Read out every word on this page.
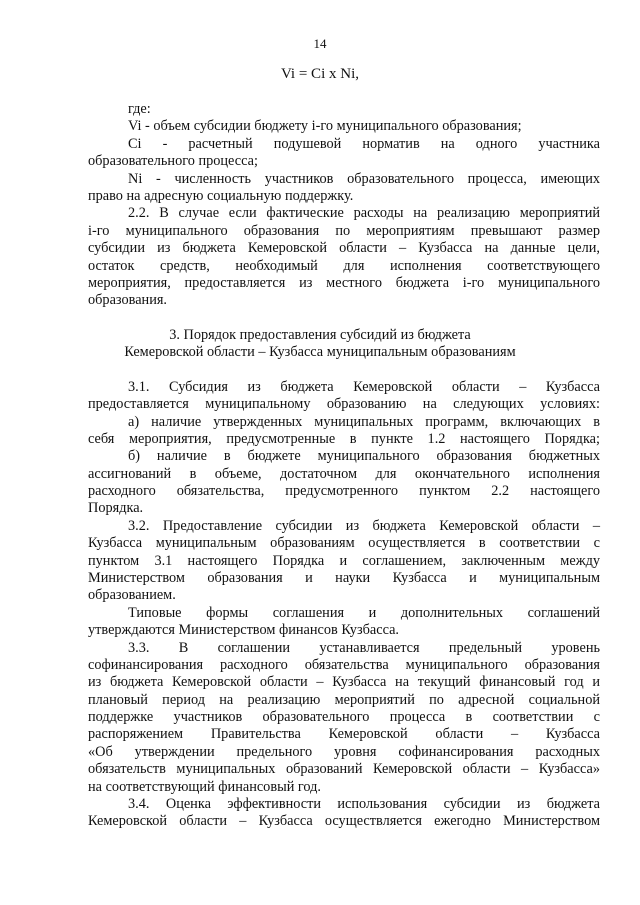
14
Vi = Ci x Ni,
где:
Vi - объем субсидии бюджету i-го муниципального образования;
Ci - расчетный подушевой норматив на одного участника
образовательного процесса;
Ni - численность участников образовательного процесса, имеющих
право на адресную социальную поддержку.
2.2. В случае если фактические расходы на реализацию мероприятий
i-го муниципального образования по мероприятиям превышают размер
субсидии из бюджета Кемеровской области – Кузбасса на данные цели,
остаток средств, необходимый для исполнения соответствующего
мероприятия, предоставляется из местного бюджета i-го муниципального
образования.
3. Порядок предоставления субсидий из бюджета
Кемеровской области – Кузбасса муниципальным образованиям
3.1. Субсидия из бюджета Кемеровской области – Кузбасса
предоставляется муниципальному образованию на следующих условиях:
а) наличие утвержденных муниципальных программ, включающих в
себя мероприятия, предусмотренные в пункте 1.2 настоящего Порядка;
б) наличие в бюджете муниципального образования бюджетных
ассигнований в объеме, достаточном для окончательного исполнения
расходного обязательства, предусмотренного пунктом 2.2 настоящего
Порядка.
3.2. Предоставление субсидии из бюджета Кемеровской области –
Кузбасса муниципальным образованиям осуществляется в соответствии с
пунктом 3.1 настоящего Порядка и соглашением, заключенным между
Министерством образования и науки Кузбасса и муниципальным
образованием.
Типовые формы соглашения и дополнительных соглашений
утверждаются Министерством финансов Кузбасса.
3.3. В соглашении устанавливается предельный уровень
софинансирования расходного обязательства муниципального образования
из бюджета Кемеровской области – Кузбасса на текущий финансовый год и
плановый период на реализацию мероприятий по адресной социальной
поддержке участников образовательного процесса в соответствии с
распоряжением Правительства Кемеровской области – Кузбасса
«Об утверждении предельного уровня софинансирования расходных
обязательств муниципальных образований Кемеровской области – Кузбасса»
на соответствующий финансовый год.
3.4. Оценка эффективности использования субсидии из бюджета
Кемеровской области – Кузбасса осуществляется ежегодно Министерством
